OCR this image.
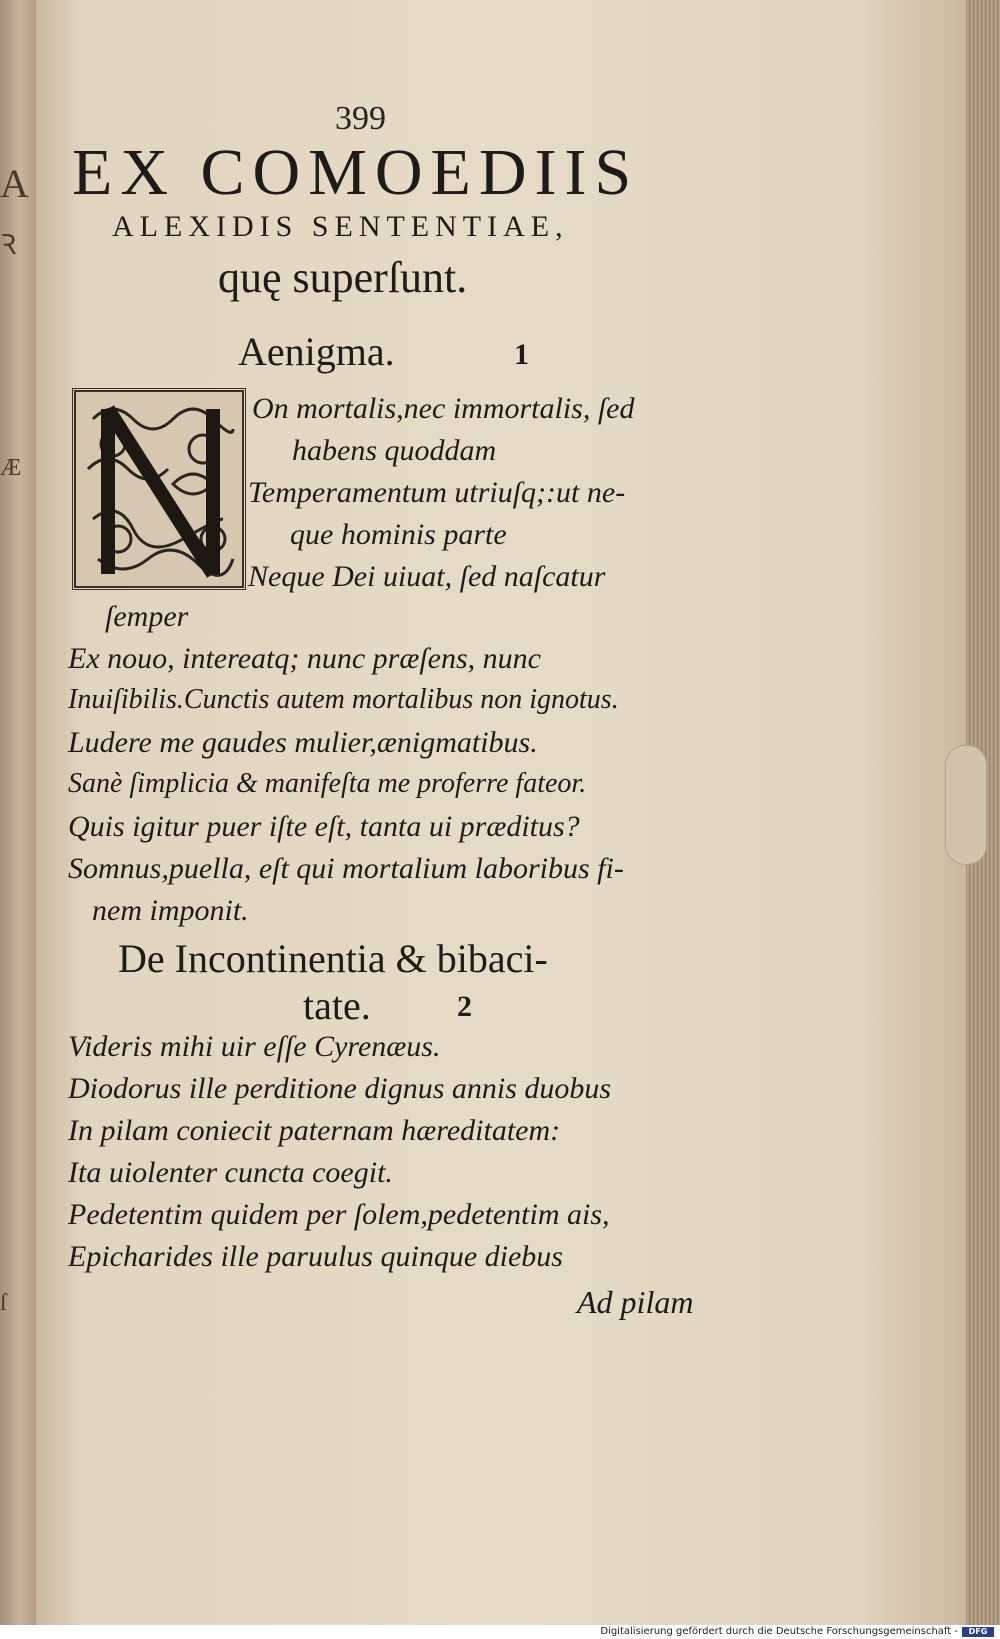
A
Ꝛ
Æ
ſ
399
EX COMOEDIIS
ALEXIDIS SENTENTIAE,
quę superſunt.
Aenigma.	1
N
On mortalis,nec immortalis, ſed
habens quoddam
Temperamentum utriuſq;:ut ne-
que hominis parte
Neque Dei uiuat, ſed naſcatur
ſemper
Ex nouo, intereatq; nunc præſens, nunc
Inuiſibilis.Cunctis autem mortalibus non ignotus.
Ludere me gaudes mulier,ænigmatibus.
Sanè ſimplicia & manifeſta me proferre fateor.
Quis igitur puer iſte eſt, tanta ui præditus?
Somnus,puella, eſt qui mortalium laboribus fi-
nem imponit.
De Incontinentia & bibaci-
tate.	2
Videris mihi uir eſſe Cyrenæus.
Diodorus ille perditione dignus annis duobus
In pilam coniecit paternam hæreditatem:
Ita uiolenter cuncta coegit.
Pedetentim quidem per ſolem,pedetentim ais,
Epicharides ille paruulus quinque diebus
Ad pilam
Digitalisierung gefördert durch die Deutsche Forschungsgemeinschaft -	DFG
